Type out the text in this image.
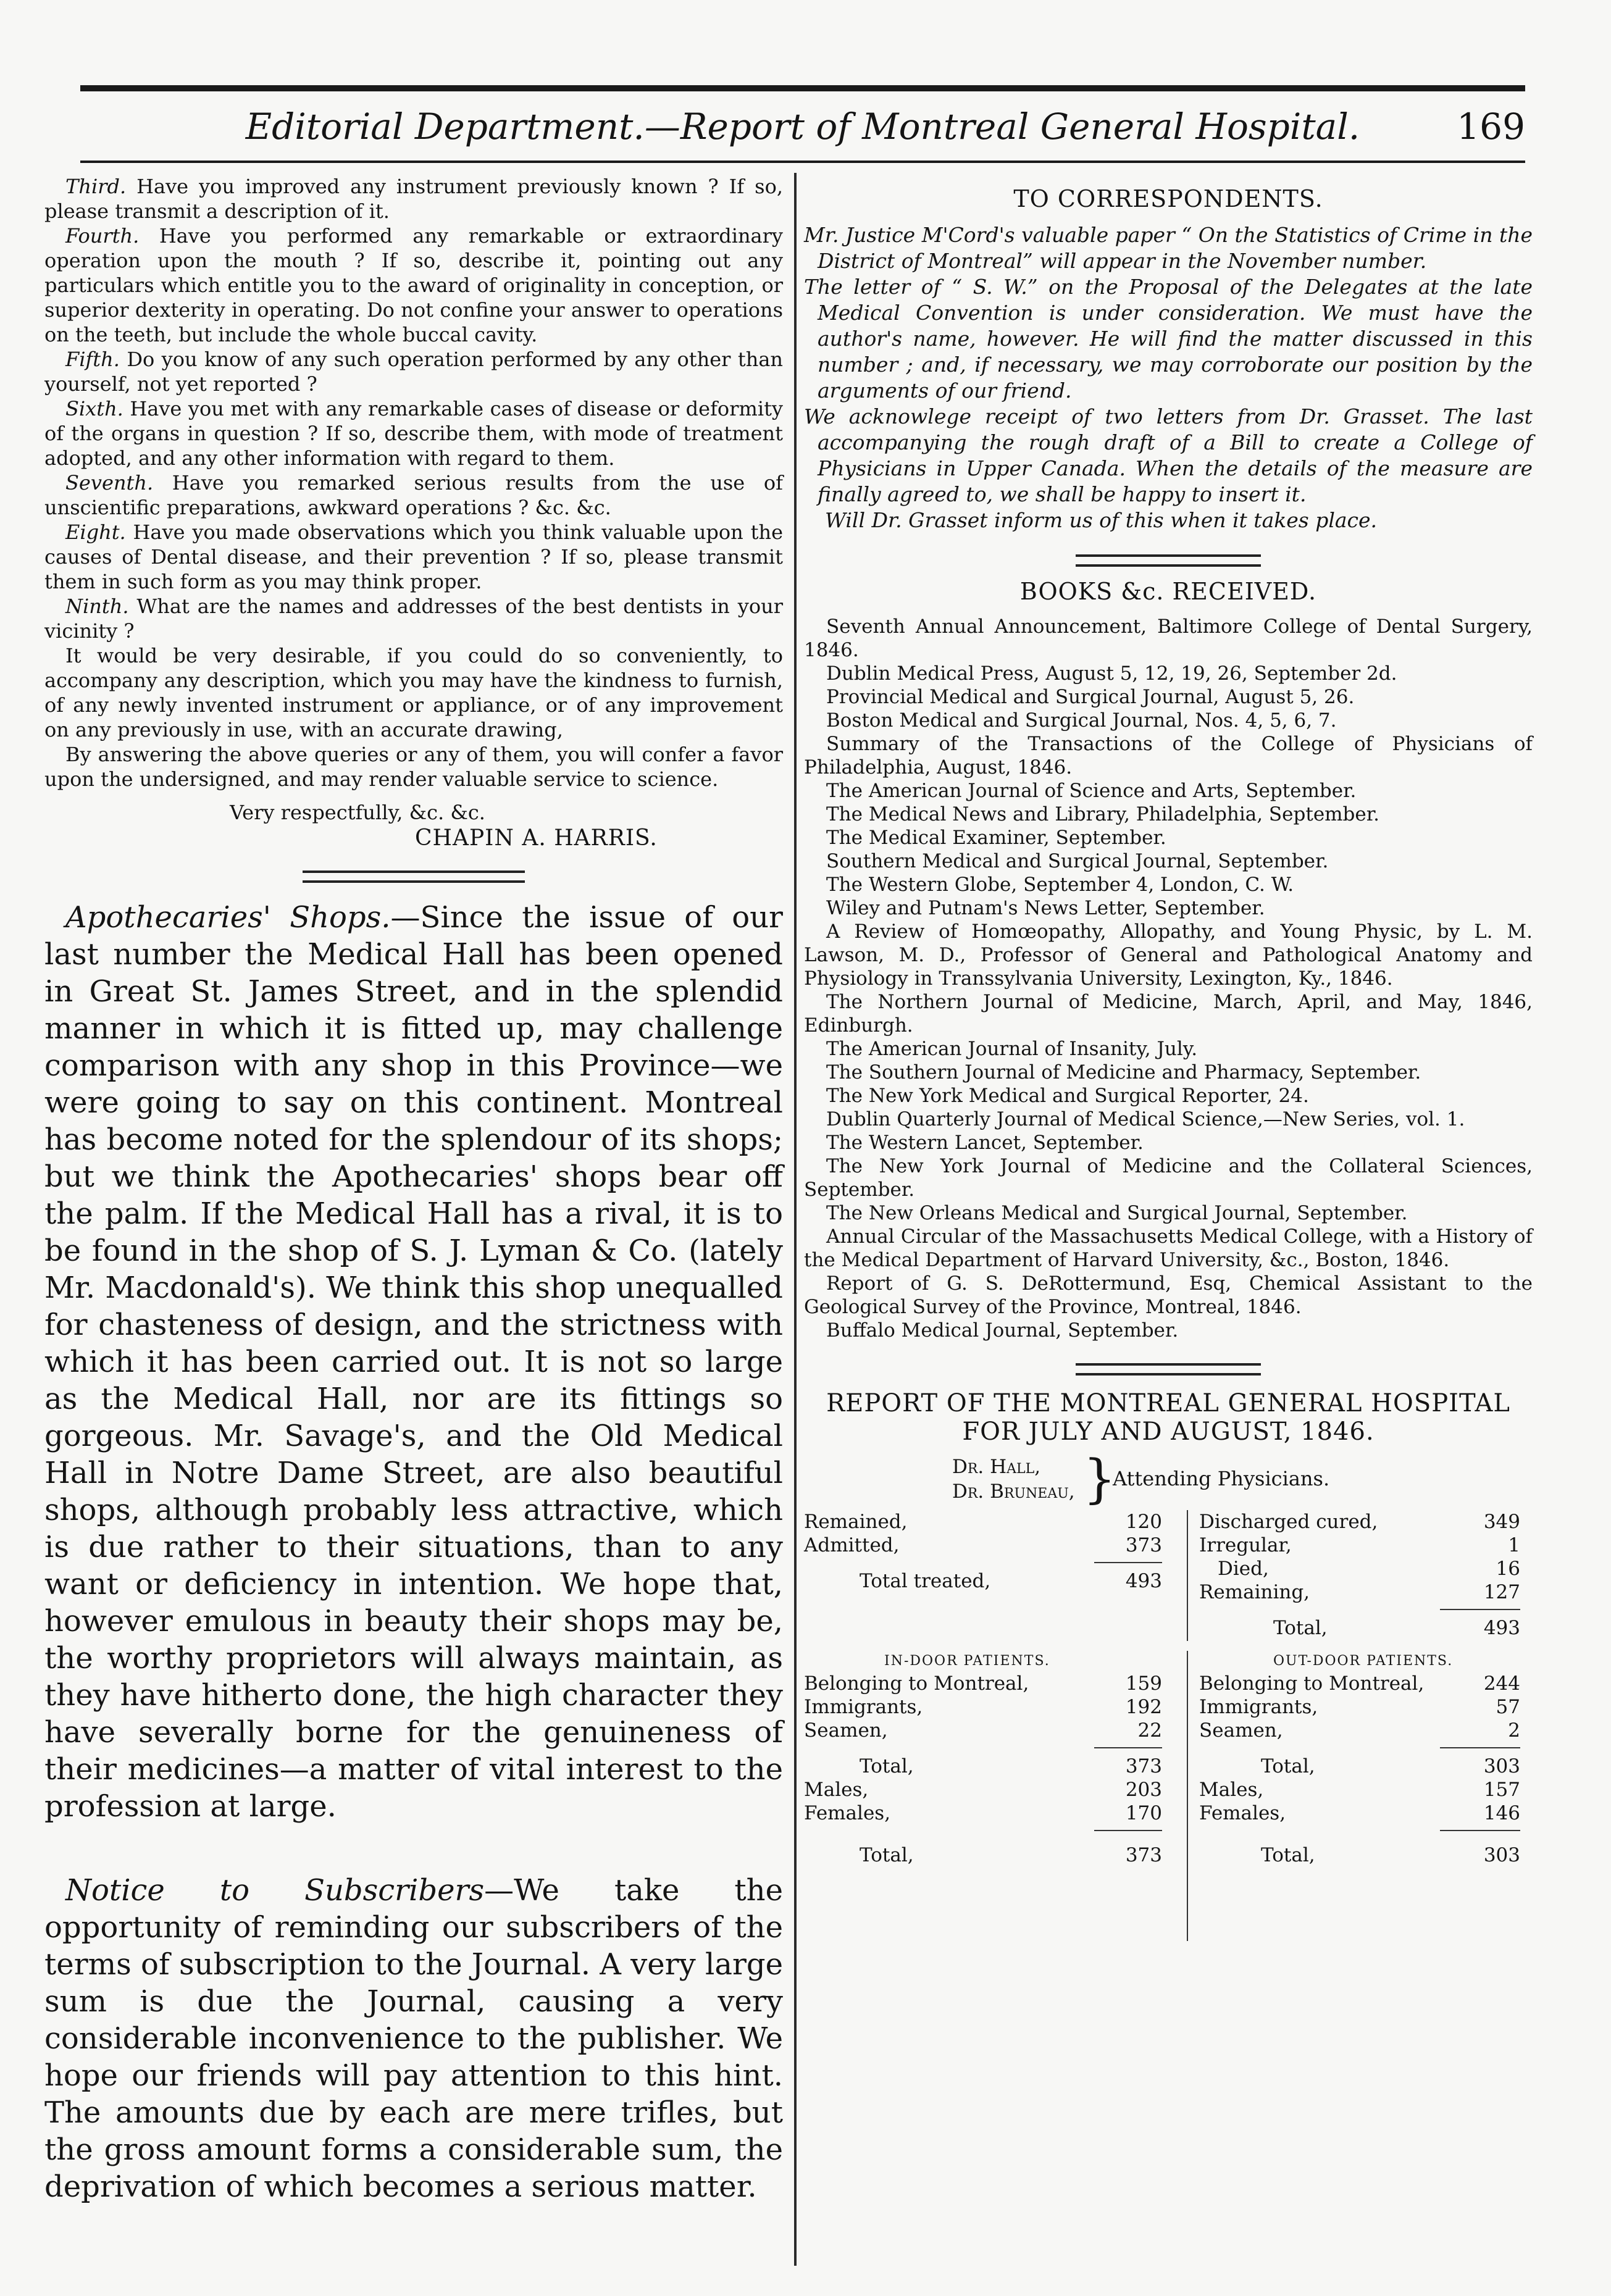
Editorial Department.—Report of Montreal General Hospital.	169

Third. Have you improved any instrument previously known ? If so, please transmit a description of it.

Fourth. Have you performed any remarkable or extraordinary operation upon the mouth ? If so, describe it, pointing out any particulars which entitle you to the award of originality in conception, or superior dexterity in operating. Do not confine your answer to operations on the teeth, but include the whole buccal cavity.

Fifth. Do you know of any such operation performed by any other than yourself, not yet reported ?

Sixth. Have you met with any remarkable cases of disease or deformity of the organs in question ? If so, describe them, with mode of treatment adopted, and any other information with regard to them.

Seventh. Have you remarked serious results from the use of unscientific preparations, awkward operations ? &c. &c.

Eight. Have you made observations which you think valuable upon the causes of Dental disease, and their prevention ? If so, please transmit them in such form as you may think proper.

Ninth. What are the names and addresses of the best dentists in your vicinity ?

It would be very desirable, if you could do so conveniently, to accompany any description, which you may have the kindness to furnish, of any newly invented instrument or appliance, or of any improvement on any previously in use, with an accurate drawing,

By answering the above queries or any of them, you will confer a favor upon the undersigned, and may render valuable service to science.

Very respectfully, &c. &c.
CHAPIN A. HARRIS.

Apothecaries' Shops.—Since the issue of our last number the Medical Hall has been opened in Great St. James Street, and in the splendid manner in which it is fitted up, may challenge comparison with any shop in this Province—we were going to say on this continent. Montreal has become noted for the splendour of its shops; but we think the Apothecaries' shops bear off the palm. If the Medical Hall has a rival, it is to be found in the shop of S. J. Lyman & Co. (lately Mr. Macdonald's). We think this shop unequalled for chasteness of design, and the strictness with which it has been carried out. It is not so large as the Medical Hall, nor are its fittings so gorgeous. Mr. Savage's, and the Old Medical Hall in Notre Dame Street, are also beautiful shops, although probably less attractive, which is due rather to their situations, than to any want or deficiency in intention. We hope that, however emulous in beauty their shops may be, the worthy proprietors will always maintain, as they have hitherto done, the high character they have severally borne for the genuineness of their medicines—a matter of vital interest to the profession at large.

Notice to Subscribers—We take the opportunity of reminding our subscribers of the terms of subscription to the Journal. A very large sum is due the Journal, causing a very considerable inconvenience to the publisher. We hope our friends will pay attention to this hint. The amounts due by each are mere trifles, but the gross amount forms a considerable sum, the deprivation of which becomes a serious matter.

TO CORRESPONDENTS.

Mr. Justice M'Cord's valuable paper “ On the Statistics of Crime in the District of Montreal” will appear in the November number.

The letter of “ S. W.” on the Proposal of the Delegates at the late Medical Convention is under consideration. We must have the author's name, however. He will find the matter discussed in this number ; and, if necessary, we may corroborate our position by the arguments of our friend.

We acknowlege receipt of two letters from Dr. Grasset. The last accompanying the rough draft of a Bill to create a College of Physicians in Upper Canada. When the details of the measure are finally agreed to, we shall be happy to insert it.

Will Dr. Grasset inform us of this when it takes place.

BOOKS &c. RECEIVED.
Seventh Annual Announcement, Baltimore College of Dental Surgery, 1846.
Dublin Medical Press, August 5, 12, 19, 26, September 2d.
Provincial Medical and Surgical Journal, August 5, 26.
Boston Medical and Surgical Journal, Nos. 4, 5, 6, 7.
Summary of the Transactions of the College of Physicians of Philadelphia, August, 1846.
The American Journal of Science and Arts, September.
The Medical News and Library, Philadelphia, September.
The Medical Examiner, September.
Southern Medical and Surgical Journal, September.
The Western Globe, September 4, London, C. W.
Wiley and Putnam's News Letter, September.
A Review of Homœopathy, Allopathy, and Young Physic, by L. M. Lawson, M. D., Professor of General and Pathological Anatomy and Physiology in Transsylvania University, Lexington, Ky., 1846.
The Northern Journal of Medicine, March, April, and May, 1846, Edinburgh.
The American Journal of Insanity, July.
The Southern Journal of Medicine and Pharmacy, September.
The New York Medical and Surgical Reporter, 24.
Dublin Quarterly Journal of Medical Science,—New Series, vol. 1.
The Western Lancet, September.
The New York Journal of Medicine and the Collateral Sciences, September.
The New Orleans Medical and Surgical Journal, September.
Annual Circular of the Massachusetts Medical College, with a History of the Medical Department of Harvard University, &c., Boston, 1846.
Report of G. S. DeRottermund, Esq, Chemical Assistant to the Geological Survey of the Province, Montreal, 1846.
Buffalo Medical Journal, September.
REPORT OF THE MONTREAL GENERAL HOSPITAL
FOR JULY AND AUGUST, 1846.
Dr. Hall,
Dr. Bruneau, }
Attending Physicians.
Remained,	120
Admitted,	373
Total treated,	493
Discharged cured,	349
Irregular,	1
Died,	16
Remaining,	127
Total,	493
IN-DOOR PATIENTS.	OUT-DOOR PATIENTS.
Belonging to Montreal,	159
Immigrants,	192
Seamen,	22
Total,	373
Males,	203
Females,	170
Total,	373
Belonging to Montreal,	244
Immigrants,	57
Seamen,	2
Total,	303
Males,	157
Females,	146
Total,	303
